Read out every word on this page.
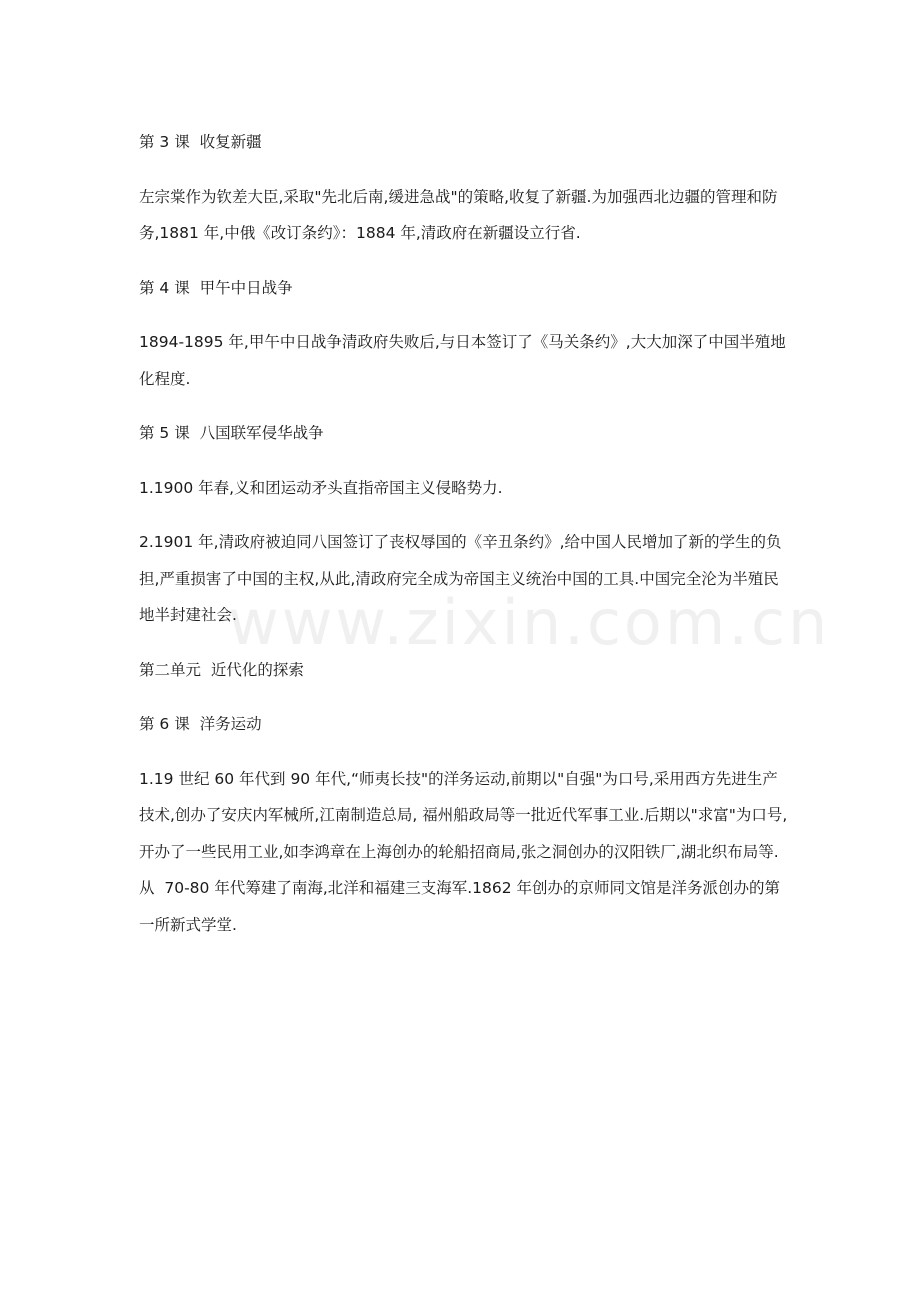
www.zixin.com.cn

第 3 课  收复新疆

左宗棠作为钦差大臣,采取"先北后南,缓进急战"的策略,收复了新疆.为加强西北边疆的管理和防务,1881 年,中俄《改订条约》：1884 年,清政府在新疆设立行省.

第 4 课  甲午中日战争

1894-1895 年,甲午中日战争清政府失败后,与日本签订了《马关条约》,大大加深了中国半殖地化程度.

第 5 课  八国联军侵华战争

1.1900 年春,义和团运动矛头直指帝国主义侵略势力.

2.1901 年,清政府被迫同八国签订了丧权辱国的《辛丑条约》,给中国人民增加了新的学生的负担,严重损害了中国的主权,从此,清政府完全成为帝国主义统治中国的工具.中国完全沦为半殖民地半封建社会.

第二单元  近代化的探索

第 6 课  洋务运动

1.19 世纪 60 年代到 90 年代,“师夷长技"的洋务运动,前期以"自强"为口号,采用西方先进生产技术,创办了安庆内军械所,江南制造总局, 福州船政局等一批近代军事工业.后期以"求富"为口号,开办了一些民用工业,如李鸿章在上海创办的轮船招商局,张之洞创办的汉阳铁厂,湖北织布局等.从  70-80 年代筹建了南海,北洋和福建三支海军.1862 年创办的京师同文馆是洋务派创办的第一所新式学堂.
